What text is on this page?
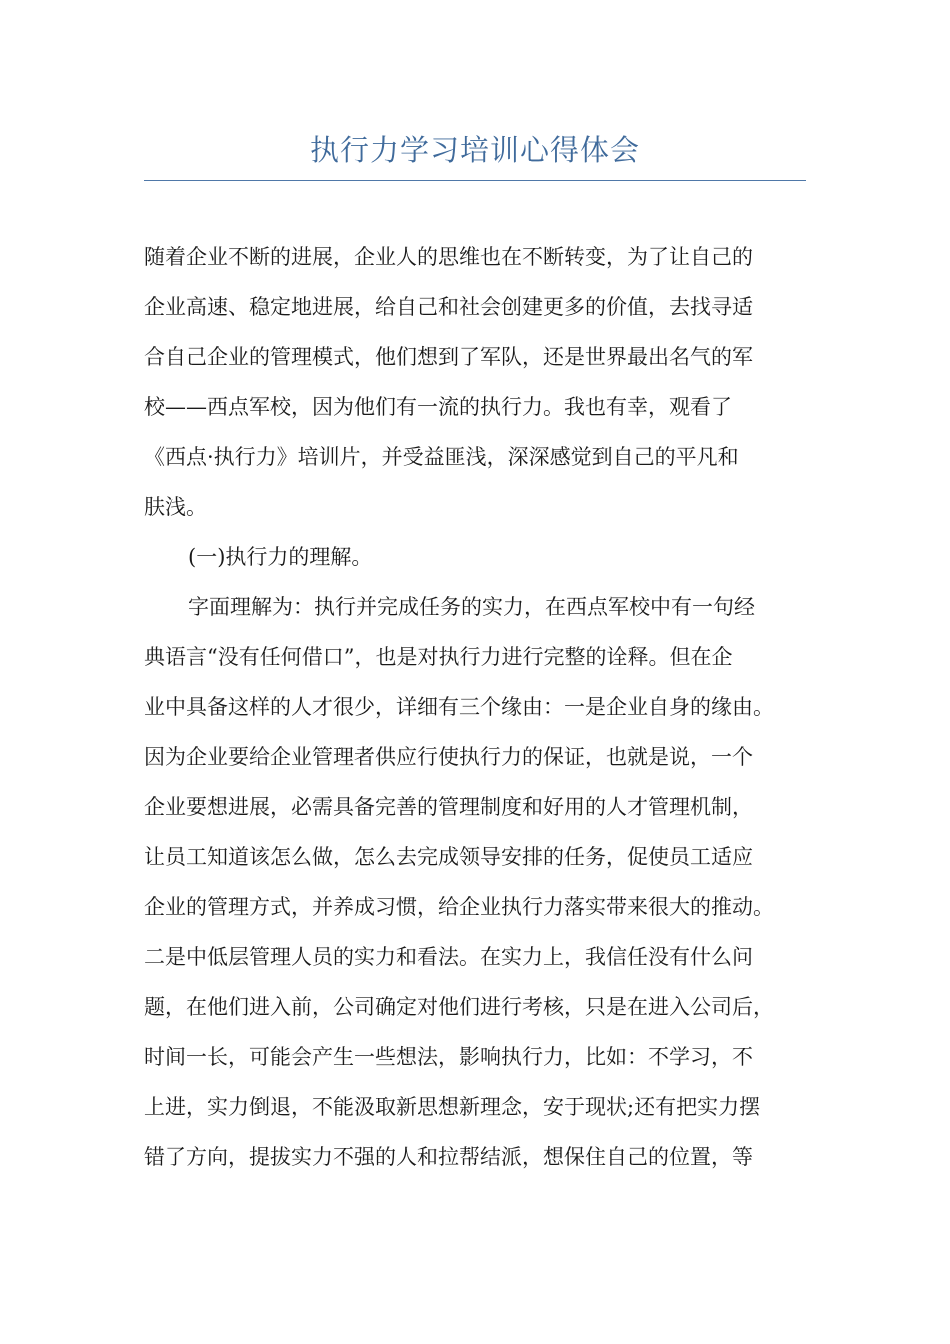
执行力学习培训心得体会
随着企业不断的进展，企业人的思维也在不断转变，为了让自己的
企业高速、稳定地进展，给自己和社会创建更多的价值，去找寻适
合自己企业的管理模式，他们想到了军队，还是世界最出名气的军
校——西点军校，因为他们有一流的执行力。我也有幸，观看了
《西点·执行力》培训片，并受益匪浅，深深感觉到自己的平凡和
肤浅。
(一)执行力的理解。
字面理解为：执行并完成任务的实力，在西点军校中有一句经
典语言“没有任何借口”，也是对执行力进行完整的诠释。但在企
业中具备这样的人才很少，详细有三个缘由：一是企业自身的缘由。
因为企业要给企业管理者供应行使执行力的保证，也就是说，一个
企业要想进展，必需具备完善的管理制度和好用的人才管理机制，
让员工知道该怎么做，怎么去完成领导安排的任务，促使员工适应
企业的管理方式，并养成习惯，给企业执行力落实带来很大的推动。
二是中低层管理人员的实力和看法。在实力上，我信任没有什么问
题，在他们进入前，公司确定对他们进行考核，只是在进入公司后，
时间一长，可能会产生一些想法，影响执行力，比如：不学习，不
上进，实力倒退，不能汲取新思想新理念，安于现状;还有把实力摆
错了方向，提拔实力不强的人和拉帮结派，想保住自己的位置，等
